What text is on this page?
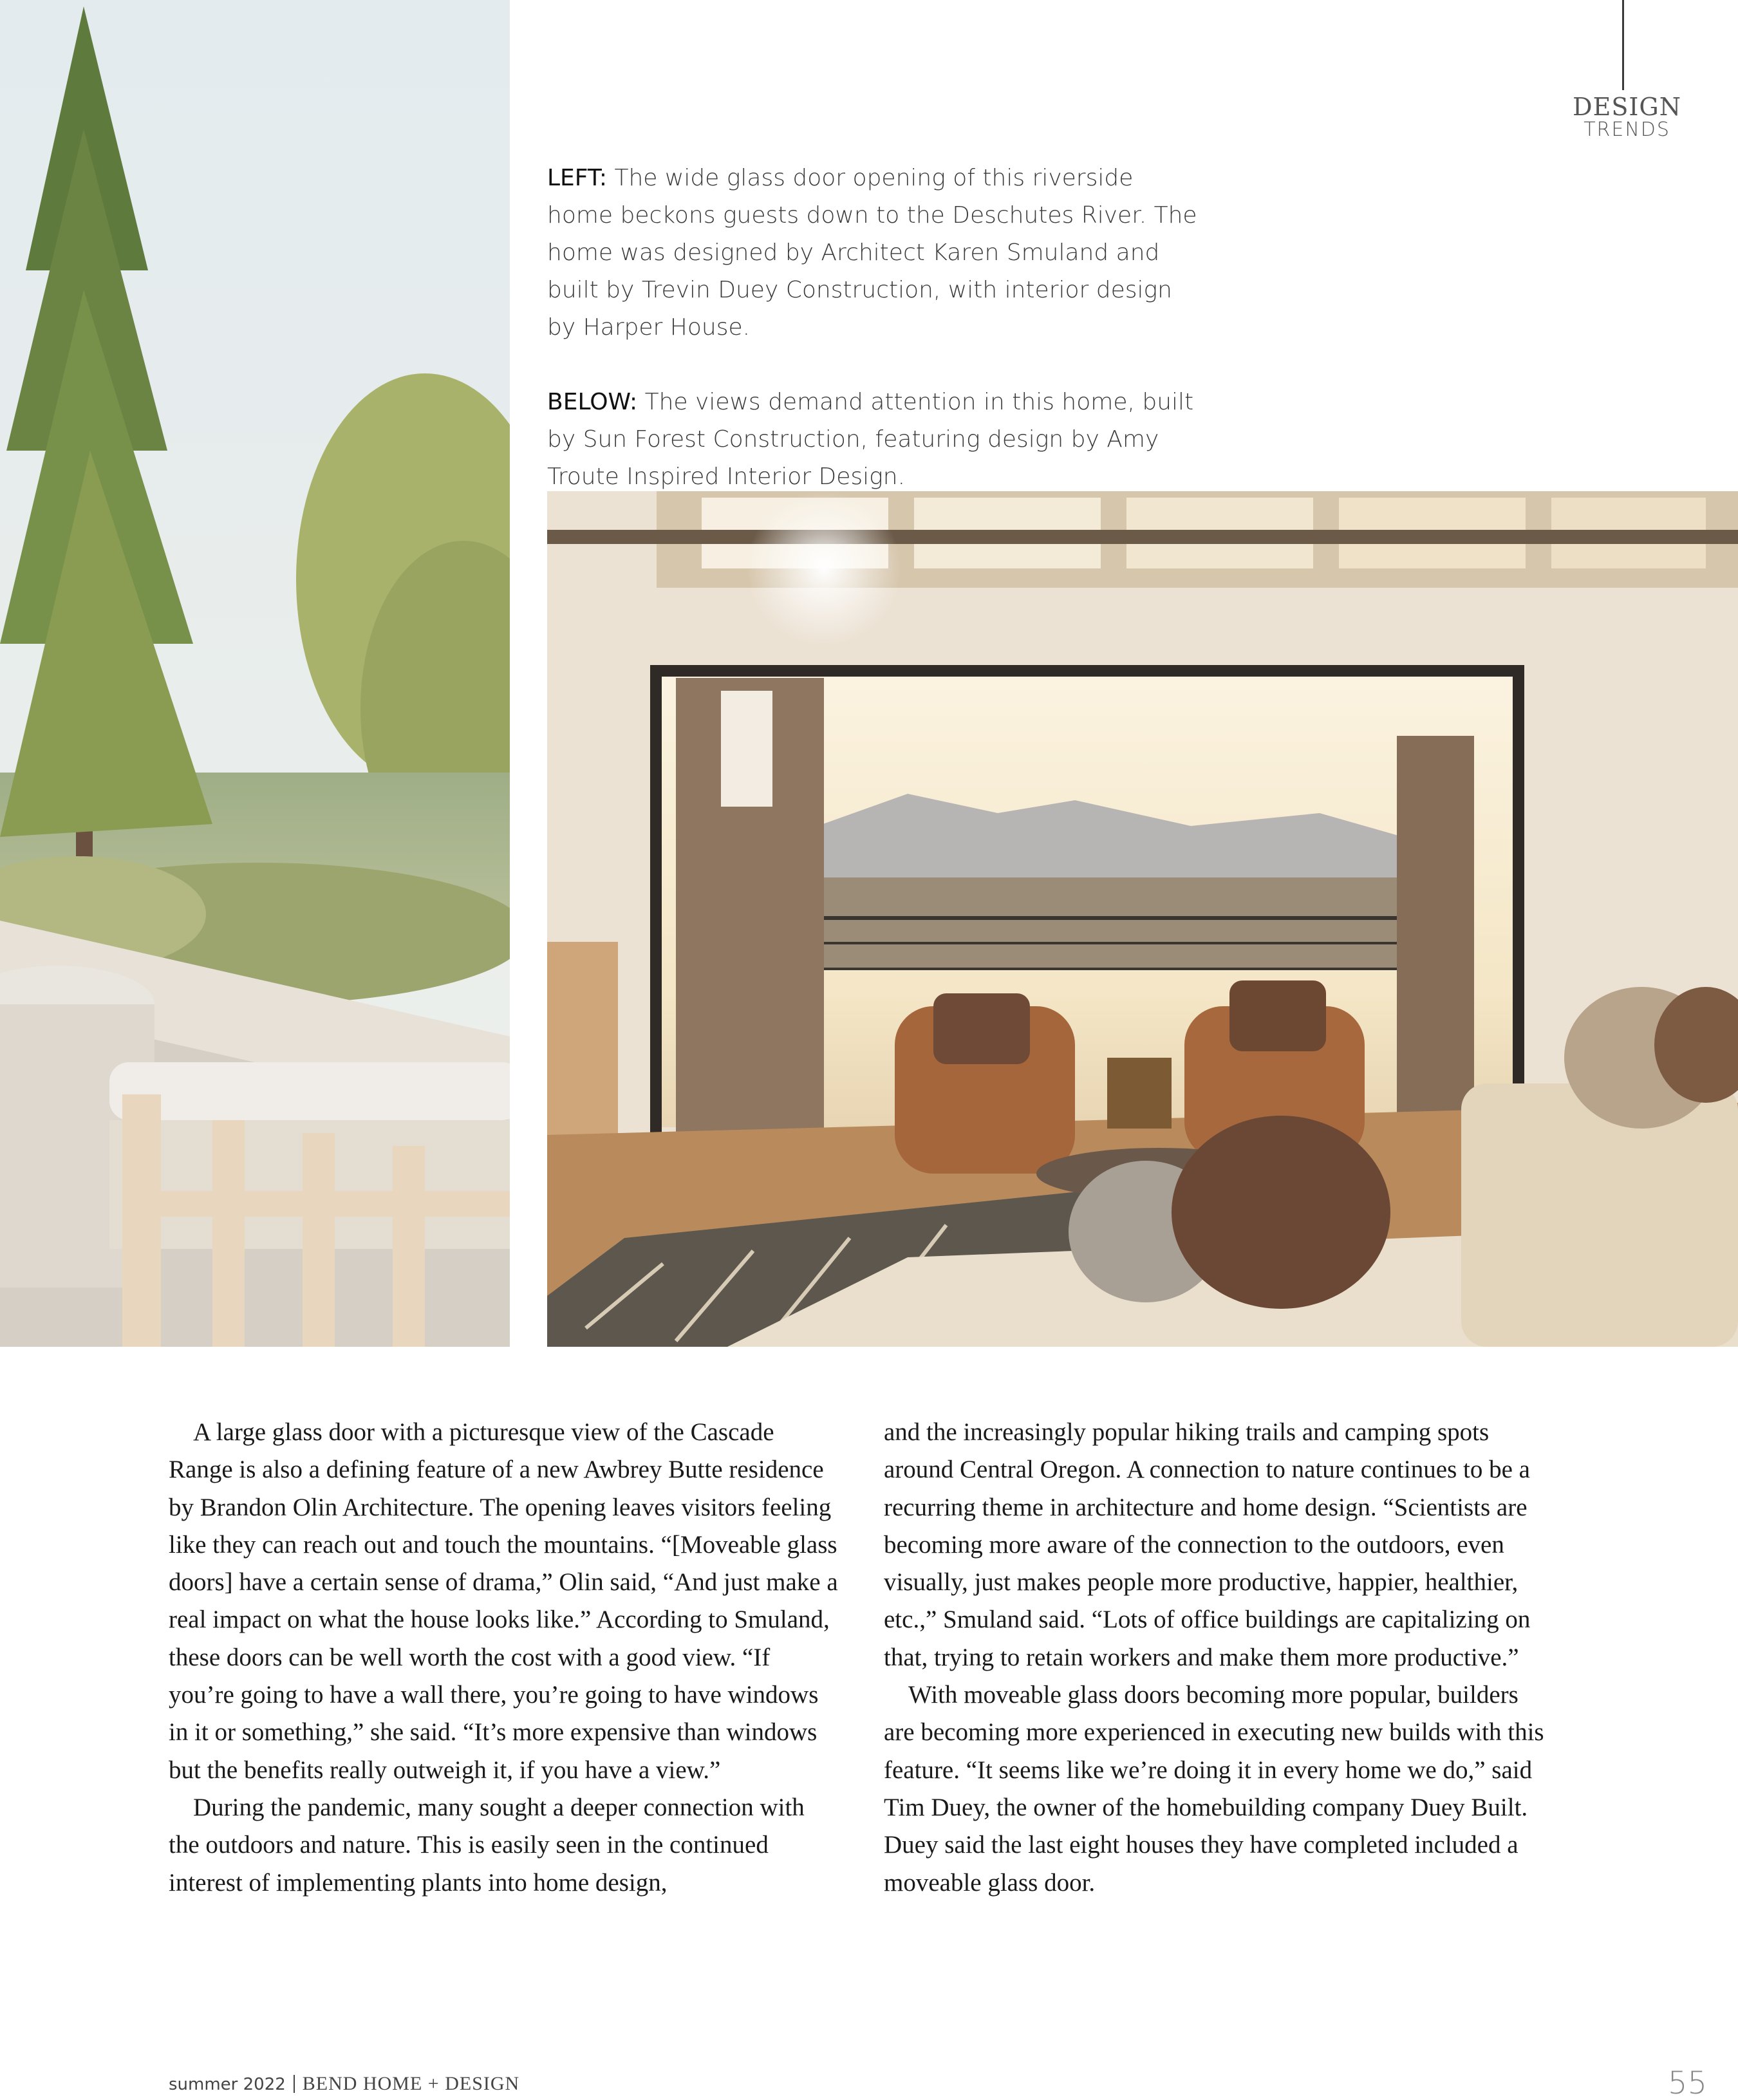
DESIGN
TRENDS

LEFT: The wide glass door opening of this riverside home beckons guests down to the Deschutes River. The home was designed by Architect Karen Smuland and built by Trevin Duey Construction, with interior design by Harper House.

BELOW: The views demand attention in this home, built by Sun Forest Construction, featuring design by Amy Troute Inspired Interior Design.

A large glass door with a picturesque view of the Cascade Range is also a defining feature of a new Awbrey Butte residence by Brandon Olin Architecture. The opening leaves visitors feeling like they can reach out and touch the mountains. “[Moveable glass doors] have a certain sense of drama,” Olin said, “And just make a real impact on what the house looks like.” According to Smuland, these doors can be well worth the cost with a good view. “If you’re going to have a wall there, you’re going to have windows in it or something,” she said. “It’s more expensive than windows but the benefits really outweigh it, if you have a view.”

During the pandemic, many sought a deeper connection with the outdoors and nature. This is easily seen in the continued interest of implementing plants into home design,

and the increasingly popular hiking trails and camping spots around Central Oregon. A connection to nature continues to be a recurring theme in architecture and home design. “Scientists are becoming more aware of the connection to the outdoors, even visually, just makes people more productive, happier, healthier, etc.,” Smuland said. “Lots of office buildings are capitalizing on that, trying to retain workers and make them more productive.”

With moveable glass doors becoming more popular, builders are becoming more experienced in executing new builds with this feature. “It seems like we’re doing it in every home we do,” said Tim Duey, the owner of the homebuilding company Duey Built. Duey said the last eight houses they have completed included a moveable glass door.

summer 2022 BEND HOME + DESIGN	55
